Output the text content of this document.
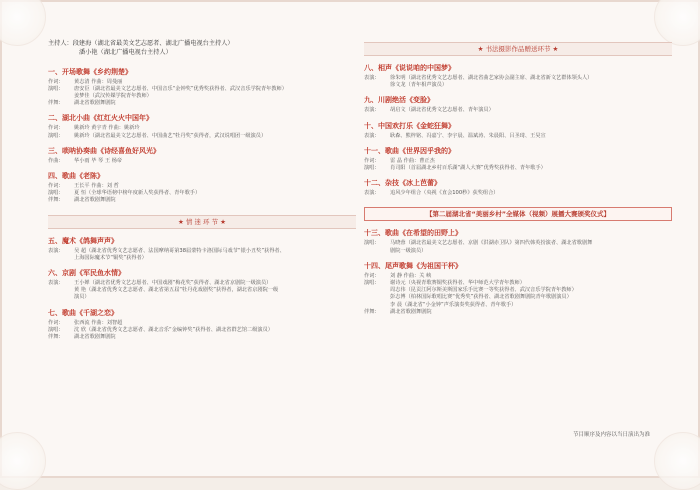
主持人：段建海（湖北省最美文艺志愿者、湖北广播电视台主持人）
潘小艳（湖北广播电视台主持人）
一、开场歌舞《乡约荆楚》
作词：	黄志清 作曲：周曼丽
演唱：	唐安臣（湖北省最美文艺志愿者、中国音乐“金钟奖”优秀奖获得者、武汉音乐学院青年教师）
姜梦佳（武汉传媒学院青年教师）
伴舞：	湖北省歌剧舞剧院
二、湖北小曲《红红火火中国年》
作词：	姚新玲 黄宇青 作曲：姚新玲
演唱：	姚新玲（湖北省最美文艺志愿者、中国曲艺“牡丹奖”获得者，武汉说唱团一级演员）
三、唢呐协奏曲《诗经喜鱼好风光》
作曲：	华小雨 毕 琴 王 杨帝
四、歌曲《老陈》
作词：	王长平 作曲：刘 哲
演唱：	夏 恒（全球华语榜中榜年度新人奖获得者、青年歌手）
伴舞：	湖北省歌剧舞剧院
★ 情 迷 环 节 ★
五、魔术《鸽舞声声》
表演：	吴 超（湖北省优秀文艺志愿者、法国摩纳哥第38届蒙特卡洛国际马戏节“银小丑奖”获得者、
上海国际魔术节“铜奖”获得者）
六、京剧《军民鱼水情》
表演：	王小婵（湖北省优秀文艺志愿者、中国戏剧“梅花奖”获得者、湖北省京剧院一级演员）
黄 艳（湖北省优秀文艺志愿者、湖北省第五届“牡丹花戏剧奖”获得者，湖北省京剧院一级
演员）
七、歌曲《千湖之恋》
作词：	张西流 作曲：刘智超
演唱：	沈 欣（湖北省优秀文艺志愿者、湖北音乐“金编钟奖”获得者、湖北省群艺馆二级演员）
伴舞：	湖北省歌剧舞剧院
★ 书法摄影作品赠送环节 ★
八、相声《说说咱的中国梦》
表演：	徐朱明（湖北省优秀文艺志愿者、湖北省曲艺家协会副主席、湖北省新文艺群体领头人）
徐文龙（青年相声演员）
九、川剧绝活《变脸》
表演：	胡启文（湖北省优秀文艺志愿者、青年演员）
十、中国欢打乐《金蛇狂舞》
表演：	耿森、熊梓铭、冯嘉宁、李宇晨、温斌涛、朱晨阳、吕圣琦、王昊宣
十一、歌曲《世界因乎我的》
作词：	雷 晶 作曲：曹正杰
演唱：	肖司阳（首届湖北乡村百乐湖“湖人大赛”优秀奖获得者、青年歌手）
十二、杂技《冰上芭蕾》
表演：	追风少年组合（央视《直会100秒》获奖组合）
【第二届湖北省“美丽乡村”全媒体（视频）展播大赛颁奖仪式】
十三、歌曲《在希望的田野上》
演唱：	马晓蓉（湖北省最美文艺志愿者、京剧《洪湖赤卫队》第四代韩英扮演者、湖北省歌剧舞
剧院一级演员）
十四、尾声歌舞《为祖国干杯》
作词：	刘 静 作曲：关 峡
演唱：	谢诗元（央视青歌赛铜奖获得者、华中师范大学青年教师）
周志伟（昆贡江阿尔斯美斯国家乐手比赛一等奖获得者、武汉音乐学院青年教师）
彭志博（柏林国际歌唱比赛“优秀奖”获得者、湖北省歌剧舞剧院青年歌剧演员）
李 晨（湖北省“小金钟”声乐演奏奖获得者、青年歌手）
伴舞：	湖北省歌剧舞剧院
节目顺序及内容以当日演出为准
